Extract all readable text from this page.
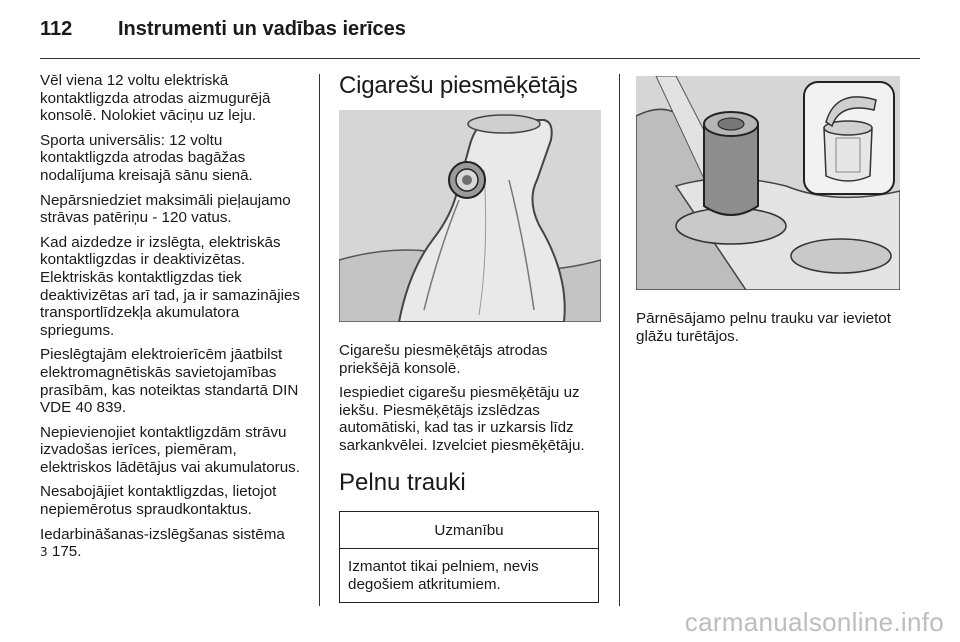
112 Instrumenti un vadības ierīces

Vēl viena 12 voltu elektriskā kontaktligzda atrodas aizmugurējā konsolē. Nolokiet vāciņu uz leju.

Sporta universālis: 12 voltu kontaktligzda atrodas bagāžas nodalījuma kreisajā sānu sienā.

Nepārsniedziet maksimāli pieļaujamo strāvas patēriņu - 120 vatus.

Kad aizdedze ir izslēgta, elektriskās kontaktligzdas ir deaktivizētas. Elektriskās kontaktligzdas tiek deaktivizētas arī tad, ja ir samazinājies transportlīdzekļa akumulatora spriegums.

Pieslēgtajām elektroierīcēm jāatbilst elektromagnētiskās savietojamības prasībām, kas noteiktas standartā DIN VDE 40 839.

Nepievienojiet kontaktligzdām strāvu izvadošas ierīces, piemēram, elektriskos lādētājus vai akumulatorus.

Nesabojājiet kontaktligzdas, lietojot nepiemērotus spraudkontaktus.

Iedarbināšanas-izslēgšanas sistēma
3 175.

Cigarešu piesmēķētājs

Cigarešu piesmēķētājs atrodas priekšējā konsolē.

Iespiediet cigarešu piesmēķētāju uz iekšu. Piesmēķētājs izslēdzas automātiski, kad tas ir uzkarsis līdz sarkankvēlei. Izvelciet piesmēķētāju.

Pelnu trauki
Uzmanību
Izmantot tikai pelniem, nevis degošiem atkritumiem.

Pārnēsājamo pelnu trauku var ievietot glāžu turētājos.

carmanualsonline.info
